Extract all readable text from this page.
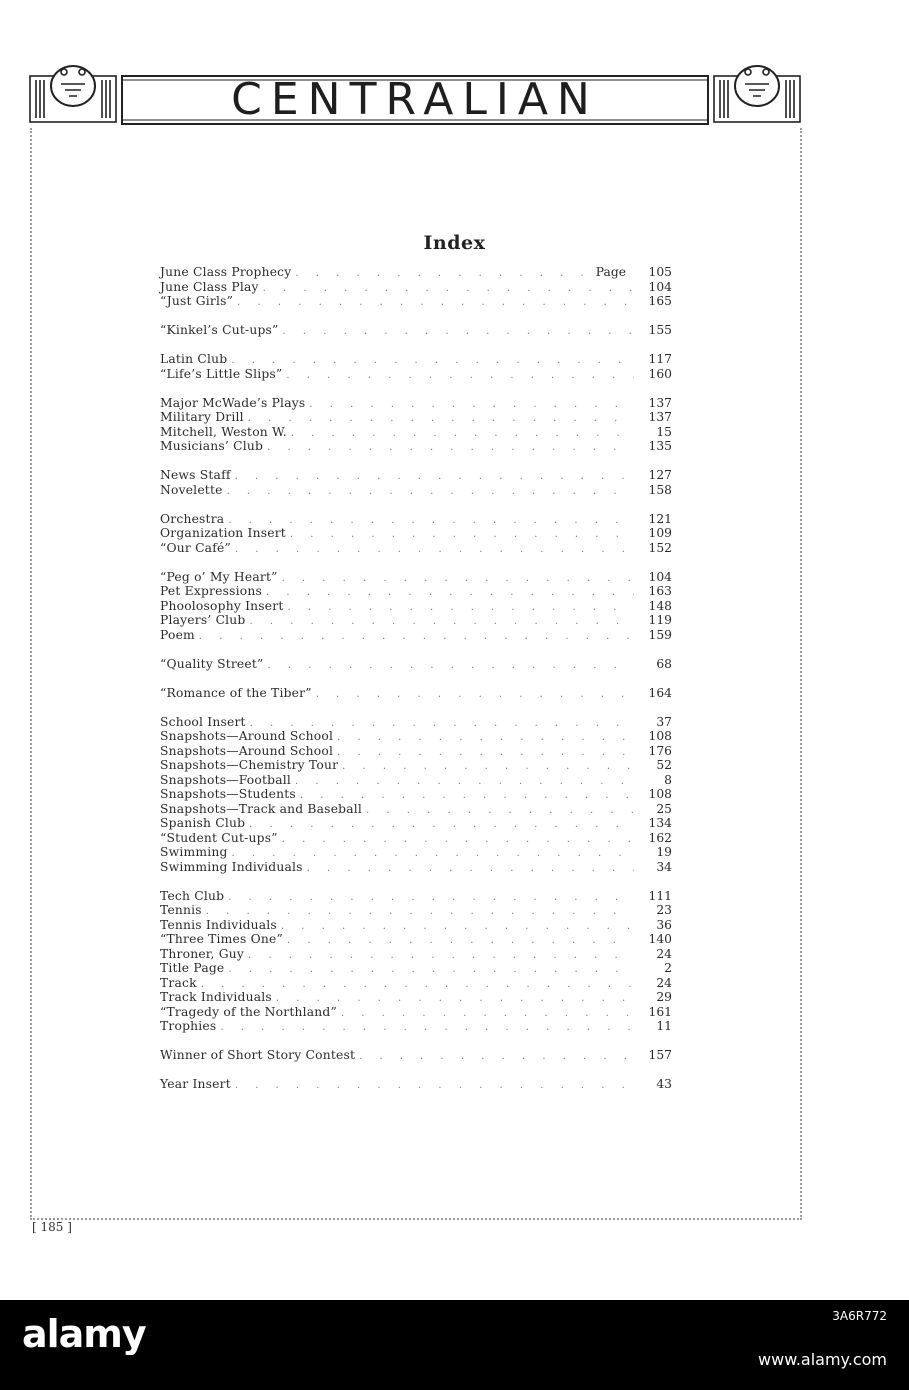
CENTRALIAN
Index
June Class Prophecy . . .	Page	105
June Class Play . . .	104
“Just Girls” . . .	165
“Kinkel’s Cut-ups” . . .	155
Latin Club . . .	117
“Life’s Little Slips” . . .	160
Major McWade’s Plays . . .	137
Military Drill . . .	137
Mitchell, Weston W. . . .	15
Musicians’ Club . . .	135
News Staff . . .	127
Novelette . . .	158
Orchestra . . .	121
Organization Insert . . .	109
“Our Café” . . .	152
“Peg o’ My Heart” . . .	104
Pet Expressions . . .	163
Phoolosophy Insert . . .	148
Players’ Club . . .	119
Poem . . .	159
“Quality Street” . . .	68
“Romance of the Tiber” . . .	164
School Insert . . .	37
Snapshots—Around School . . .	108
Snapshots—Around School . . .	176
Snapshots—Chemistry Tour . . .	52
Snapshots—Football . . .	8
Snapshots—Students . . .	108
Snapshots—Track and Baseball . . .	25
Spanish Club . . .	134
“Student Cut-ups” . . .	162
Swimming . . .	19
Swimming Individuals . . .	34
Tech Club . . .	111
Tennis . . .	23
Tennis Individuals . . .	36
“Three Times One” . . .	140
Throner, Guy . . .	24
Title Page . . .	2
Track . . .	24
Track Individuals . . .	29
“Tragedy of the Northland” . . .	161
Trophies . . .	11
Winner of Short Story Contest . . .	157
Year Insert . . .	43
[ 185 ]
alamy	3A6R772
www.alamy.com
